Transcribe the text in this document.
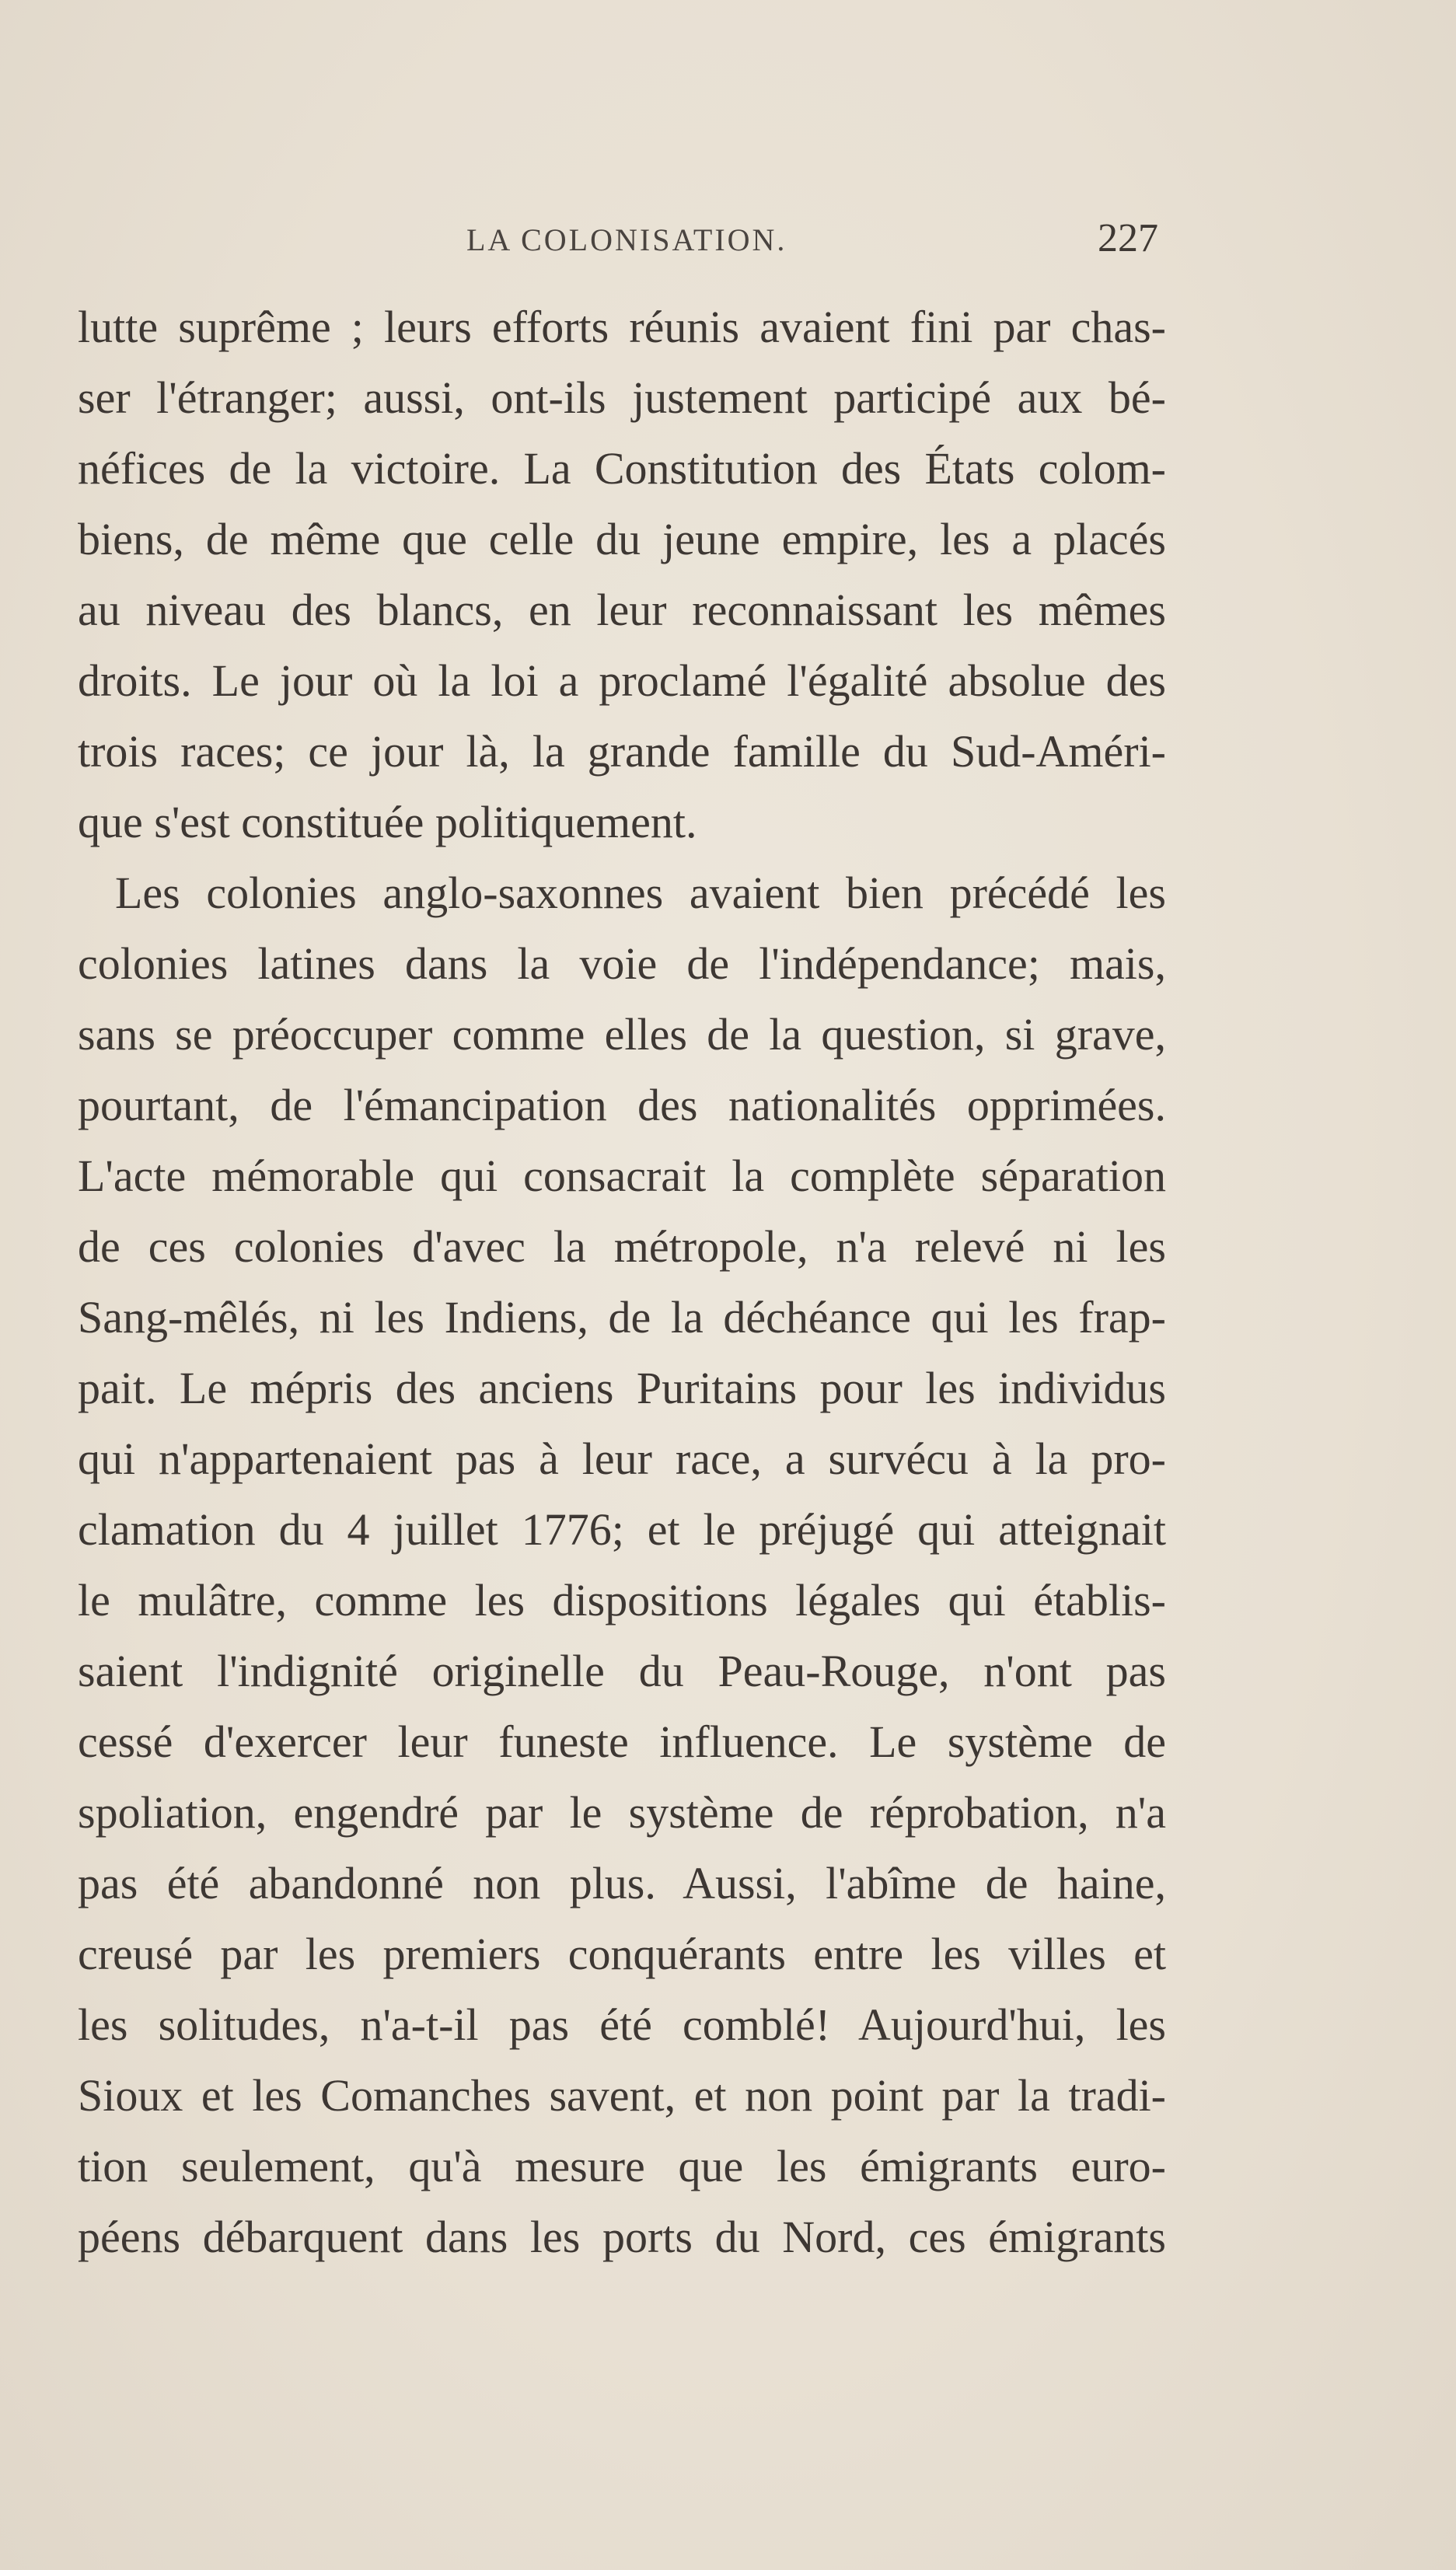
LA COLONISATION.	227
lutte suprême ; leurs efforts réunis avaient fini par chas-
ser l'étranger; aussi, ont-ils justement participé aux bé-
néfices de la victoire. La Constitution des États colom-
biens, de même que celle du jeune empire, les a placés
au niveau des blancs, en leur reconnaissant les mêmes
droits. Le jour où la loi a proclamé l'égalité absolue des
trois races; ce jour là, la grande famille du Sud-Améri-
que s'est constituée politiquement.
Les colonies anglo-saxonnes avaient bien précédé les
colonies latines dans la voie de l'indépendance; mais,
sans se préoccuper comme elles de la question, si grave,
pourtant, de l'émancipation des nationalités opprimées.
L'acte mémorable qui consacrait la complète séparation
de ces colonies d'avec la métropole, n'a relevé ni les
Sang-mêlés, ni les Indiens, de la déchéance qui les frap-
pait. Le mépris des anciens Puritains pour les individus
qui n'appartenaient pas à leur race, a survécu à la pro-
clamation du 4 juillet 1776; et le préjugé qui atteignait
le mulâtre, comme les dispositions légales qui établis-
saient l'indignité originelle du Peau-Rouge, n'ont pas
cessé d'exercer leur funeste influence. Le système de
spoliation, engendré par le système de réprobation, n'a
pas été abandonné non plus. Aussi, l'abîme de haine,
creusé par les premiers conquérants entre les villes et
les solitudes, n'a-t-il pas été comblé! Aujourd'hui, les
Sioux et les Comanches savent, et non point par la tradi-
tion seulement, qu'à mesure que les émigrants euro-
péens débarquent dans les ports du Nord, ces émigrants
